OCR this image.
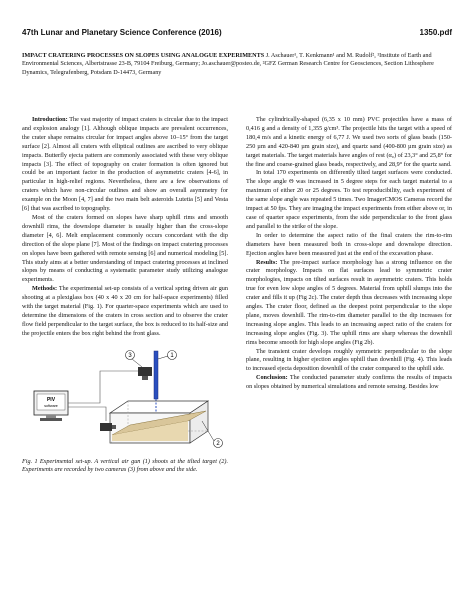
47th Lunar and Planetary Science Conference (2016)	1350.pdf
IMPACT CRATERING PROCESSES ON SLOPES USING ANALOGUE EXPERIMENTS J. Aschauer¹, T. Kenkmann¹ and M. Rudolf², ¹Institute of Earth and Environmental Sciences, Albertstrasse 23-B, 79104 Freiburg, Germany; Jo.aschauer@posteo.de, ²GFZ German Research Centre for Geosciences, Section Lithosphere Dynamics, Telegrafenberg, Potsdam D-14473, Germany

Introduction: The vast majority of impact craters is circular due to the impact and explosion analogy [1]. Although oblique impacts are prevalent occurrences, the crater shape remains circular for impact angles above 10–15° from the target surface [2]. Almost all craters with elliptical outlines are ascribed to very oblique impacts. Butterfly ejecta pattern are commonly associated with these very oblique impacts [3]. The effect of topography on crater formation is often ignored but could be an important factor in the production of asymmetric craters [4-6], in particular in high-relief regions. Nevertheless, there are a few observations of craters which have non-circular outlines and show an overall asymmetry for example on the Moon [4, 7] and the two main belt asteroids Lutetia [5] and Vesta [6] that was ascribed to topography.

Most of the craters formed on slopes have sharp uphill rims and smooth downhill rims, the downslope diameter is usually higher than the cross-slope diameter [4, 6]. Melt emplacement commonly occurs concordant with the dip direction of the slope plane [7]. Most of the findings on impact cratering processes on slopes have been gathered with remote sensing [6] and numerical modeling [5]. This study aims at a better understanding of impact cratering processes at inclined slopes by means of conducting a systematic parameter study utilizing analogue experiments.

Methods: The experimental set-up consists of a vertical spring driven air gun shooting at a plexiglass box (40 x 40 x 20 cm for half-space experiments) filled with the target material (Fig. 1). For quarter-space experiments which are used to determine the dimensions of the craters in cross section and to observe the crater flow field perpendicular to the target surface, the box is reduced to its half-size and the projectile enters the box right behind the front glass.

PIV
software
3	1
2

Fig. 1 Experimental set-up. A vertical air gun (1) shoots at the tilted target (2). Experiments are recorded by two cameras (3) from above and the side.

The cylindrically-shaped (6,35 x 10 mm) PVC projectiles have a mass of 0,416 g and a density of 1,355 g/cm³. The projectile hits the target with a speed of 180,4 m/s and a kinetic energy of 6,77 J. We used two sorts of glass beads (150-250 µm and 420-840 µm grain size), and quartz sand (400-800 µm grain size) as target materials. The target materials have angles of rest (α₀) of 23,3° and 25,8° for the fine and coarse-grained glass beads, respectively, and 28,9° for the quartz sand.

In total 170 experiments on differently tilted target surfaces were conducted. The slope angle Θ was increased in 5 degree steps for each target material to a maximum of either 20 or 25 degrees. To test reproducibility, each experiment of the same slope angle was repeated 5 times. Two ImagerCMOS Cameras record the impact at 50 fps. They are imaging the impact experiments from either above or, in case of quarter space experiments, from the side perpendicular to the front glass and parallel to the strike of the slope.

In order to determine the aspect ratio of the final craters the rim-to-rim diameters have been measured both in cross-slope and downslope direction. Ejection angles have been measured just at the end of the excavation phase.

Results: The pre-impact surface morphology has a strong influence on the crater morphology. Impacts on flat surfaces lead to symmetric crater morphologies, impacts on tilted surfaces result in asymmetric craters. This holds true for even low slope angles of 5 degrees. Material from uphill slumps into the crater and fills it up (Fig 2c). The crater depth thus decreases with increasing slope angles. The crater floor, defined as the deepest point perpendicular to the slope plane, moves downhill. The rim-to-rim diameter parallel to the dip increases for increasing slope angles. This leads to an increasing aspect ratio of the craters for increasing slope angles (Fig. 3). The uphill rims are sharp whereas the downhill rims become smooth for high slope angles (Fig 2b).

The transient crater develops roughly symmetric perpendicular to the slope plane, resulting in higher ejection angles uphill than downhill (Fig. 4). This leads to increased ejecta deposition downhill of the crater compared to the uphill side.

Conclusion: The conducted parameter study confirms the results of impacts on slopes obtained by numerical simulations and remote sensing. Besides low
